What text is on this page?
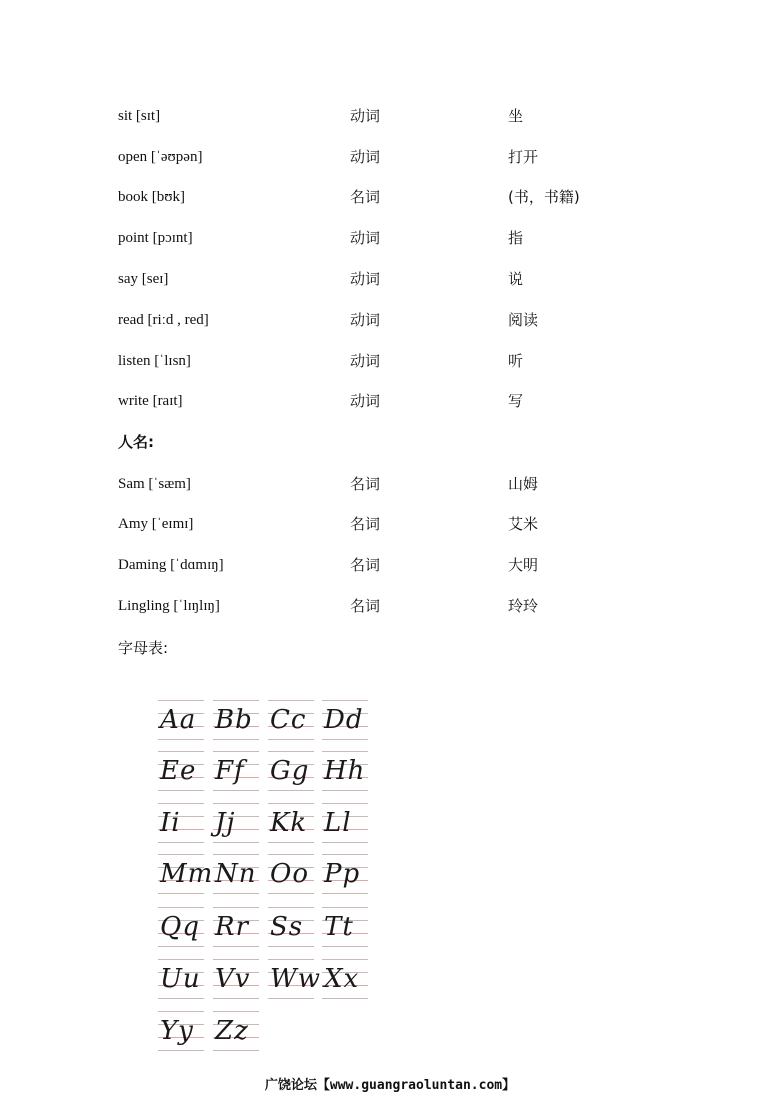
sit [sɪt]	动词	坐
open [ˈəʊpən]	动词	打开
book [bʊk]	名词	(书，书籍)
point [pɔɪnt]	动词	指
say [seɪ]	动词	说
read [riːd , red]	动词	阅读
listen [ˈlɪsn]	动词	听
write [raɪt]	动词	写
人名:
Sam [ˈsæm]	名词	山姆
Amy [ˈeɪmɪ]	名词	艾米
Daming [ˈdɑmɪŋ]	名词	大明
Lingling [ˈlɪŋlɪŋ]	名词	玲玲
字母表:
Aa Bb Cc Dd
Ee Ff Gg Hh
Ii	Jj	Kk Ll
Mm Nn Oo Pp
Qq Rr Ss Tt
Uu Vv Ww Xx
Yy Zz
广饶论坛【www.guangraoluntan.com】
